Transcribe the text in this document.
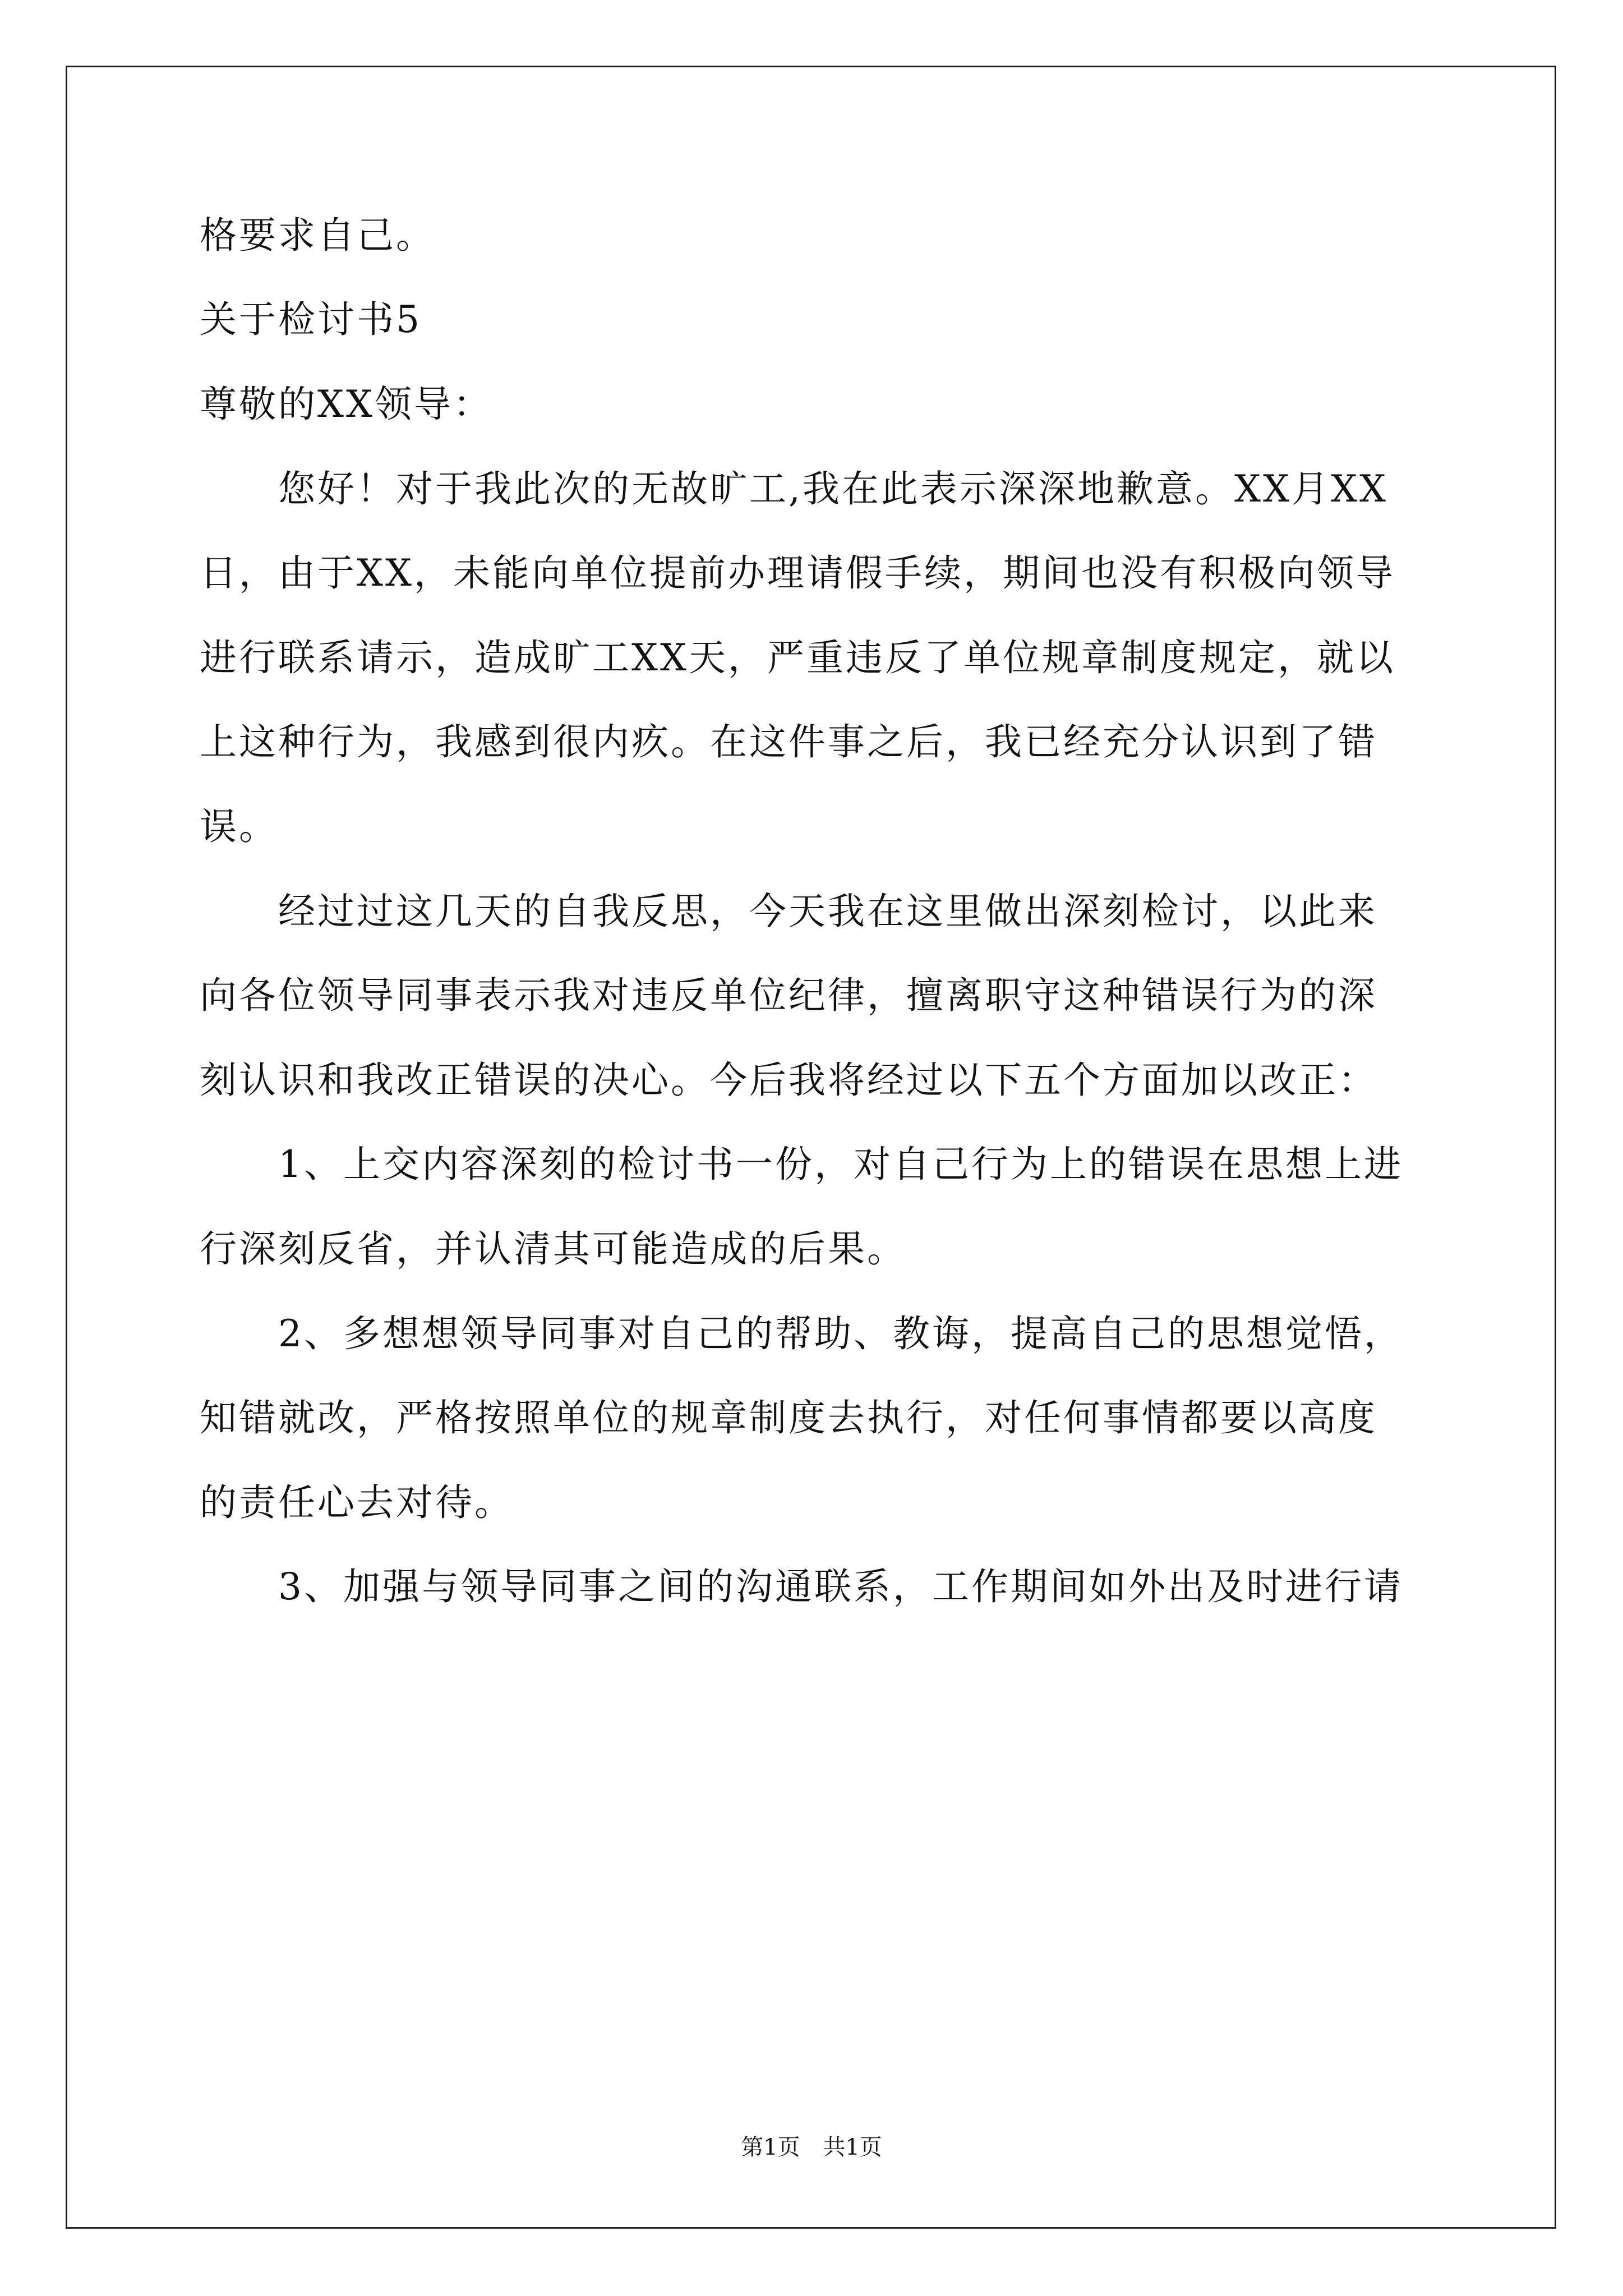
格要求自己。
关于检讨书5
尊敬的XX领导：
您好！对于我此次的无故旷工,我在此表示深深地歉意。XX月XX
日，由于XX，未能向单位提前办理请假手续，期间也没有积极向领导
进行联系请示，造成旷工XX天，严重违反了单位规章制度规定，就以
上这种行为，我感到很内疚。在这件事之后，我已经充分认识到了错
误。
经过过这几天的自我反思，今天我在这里做出深刻检讨，以此来
向各位领导同事表示我对违反单位纪律，擅离职守这种错误行为的深
刻认识和我改正错误的决心。今后我将经过以下五个方面加以改正：
1、上交内容深刻的检讨书一份，对自己行为上的错误在思想上进
行深刻反省，并认清其可能造成的后果。
2、多想想领导同事对自己的帮助、教诲，提高自己的思想觉悟，
知错就改，严格按照单位的规章制度去执行，对任何事情都要以高度
的责任心去对待。
3、加强与领导同事之间的沟通联系，工作期间如外出及时进行请
第1页 共1页
